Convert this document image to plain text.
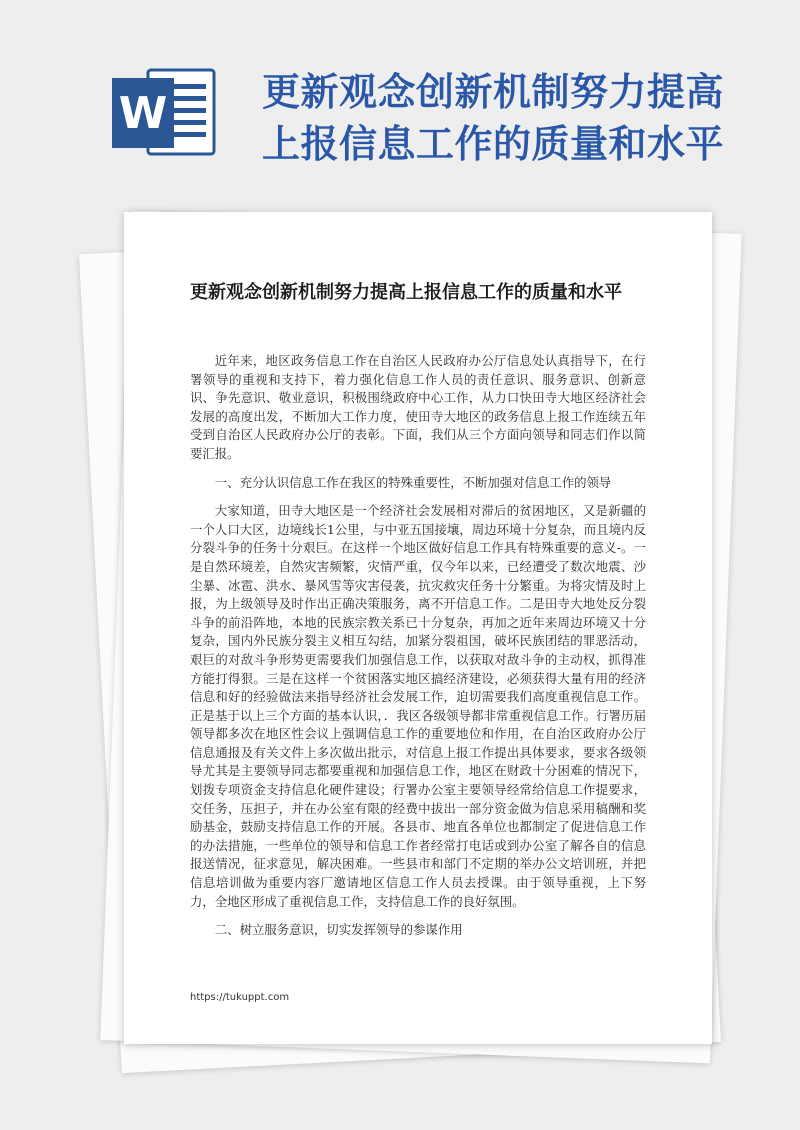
W 更新观念创新机制努力提高上报信息工作的质量和水平
更新观念创新机制努力提高上报信息工作的质量和水平

近年来，地区政务信息工作在自治区人民政府办公厅信息处认真指导下，在行署领导的重视和支持下，着力强化信息工作人员的责任意识、服务意识、创新意识、争先意识、敬业意识，积极围绕政府中心工作，从力口快田寺大地区经济社会发展的高度出发，不断加大工作力度，使田寺大地区的政务信息上报工作连续五年受到自治区人民政府办公厅的表彰。下面，我们从三个方面向领导和同志们作以简要汇报。

一、充分认识信息工作在我区的特殊重要性，不断加强对信息工作的领导

大家知道，田寺大地区是一个经济社会发展相对滞后的贫困地区，又是新疆的一个人口大区，边境线长1公里，与中亚五国接壤，周边环境十分复杂，而且境内反分裂斗争的任务十分艰巨。在这样一个地区做好信息工作具有特殊重要的意义-。一是自然环境差，自然灾害频繁，灾情严重，仅今年以来，已经遭受了数次地震、沙尘暴、冰雹、洪水、暴风雪等灾害侵袭，抗灾救灾任务十分繁重。为将灾情及时上报，为上级领导及时作出正确决策服务，离不开信息工作。二是田寺大地处反分裂斗争的前沿阵地，本地的民族宗教关系已十分复杂，再加之近年来周边环境又十分复杂，国内外民族分裂主义相互勾结，加紧分裂祖国，破坏民族团结的罪恶活动，艰巨的对敌斗争形势更需要我们加强信息工作，以获取对敌斗争的主动权，抓得准方能打得狠。三是在这样一个贫困落实地区搞经济建设，必须获得大量有用的经济信息和好的经验做法来指导经济社会发展工作，迫切需要我们高度重视信息工作。正是基于以上三个方面的基本认识，．我区各级领导都非常重视信息工作。行署历届领导都多次在地区性会议上强调信息工作的重要地位和作用，在自治区政府办公厅信息通报及有关文件上多次做出批示，对信息上报工作提出具体要求，要求各级领导尤其是主要领导同志都要重视和加强信息工作，地区在财政十分困难的情况下，划拨专项资金支持信息化硬件建设；行署办公室主要领导经常给信息工作提要求，交任务，压担子，并在办公室有限的经费中拔出一部分资金做为信息采用稿酬和奖励基金，鼓励支持信息工作的开展。各县市、地直各单位也都制定了促进信息工作的办法措施，一些单位的领导和信息工作者经常打电话或到办公室了解各自的信息报送情况，征求意见，解决困难。一些县市和部门不定期的举办公文培训班，并把信息培训做为重要内容厂邀请地区信息工作人员去授课。由于领导重视，上下努力，全地区形成了重视信息工作，支持信息工作的良好氛围。

二、树立服务意识，切实发挥领导的参谋作用

https://tukuppt.com
